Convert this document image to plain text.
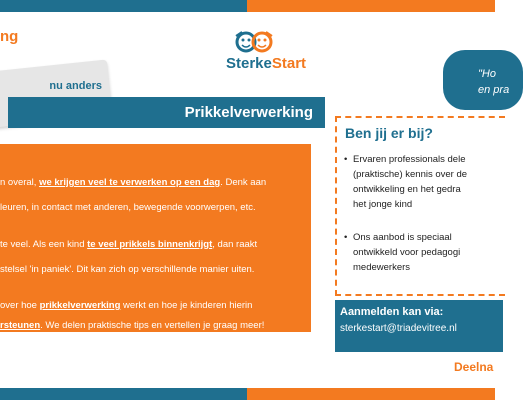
ng
SterkeStart
nu anders
"Ho
en pra
Prikkelverwerking
n overal, we krijgen veel te verwerken op een dag. Denk aan
leuren, in contact met anderen, bewegende voorwerpen, etc.
te veel. Als een kind te veel prikkels binnenkrijgt, dan raakt
stelsel 'in paniek'. Dit kan zich op verschillende manier uiten.
over hoe prikkelverwerking werkt en hoe je kinderen hierin
rsteunen. We delen praktische tips en vertellen je graag meer!
Ben jij er bij?
• Ervaren professionals dele
(praktische) kennis over de
ontwikkeling en het gedra
het jonge kind
• Ons aanbod is speciaal
ontwikkeld voor pedagogi
medewerkers
Aanmelden kan via:
sterkestart@triadevitree.nl
Deelna
